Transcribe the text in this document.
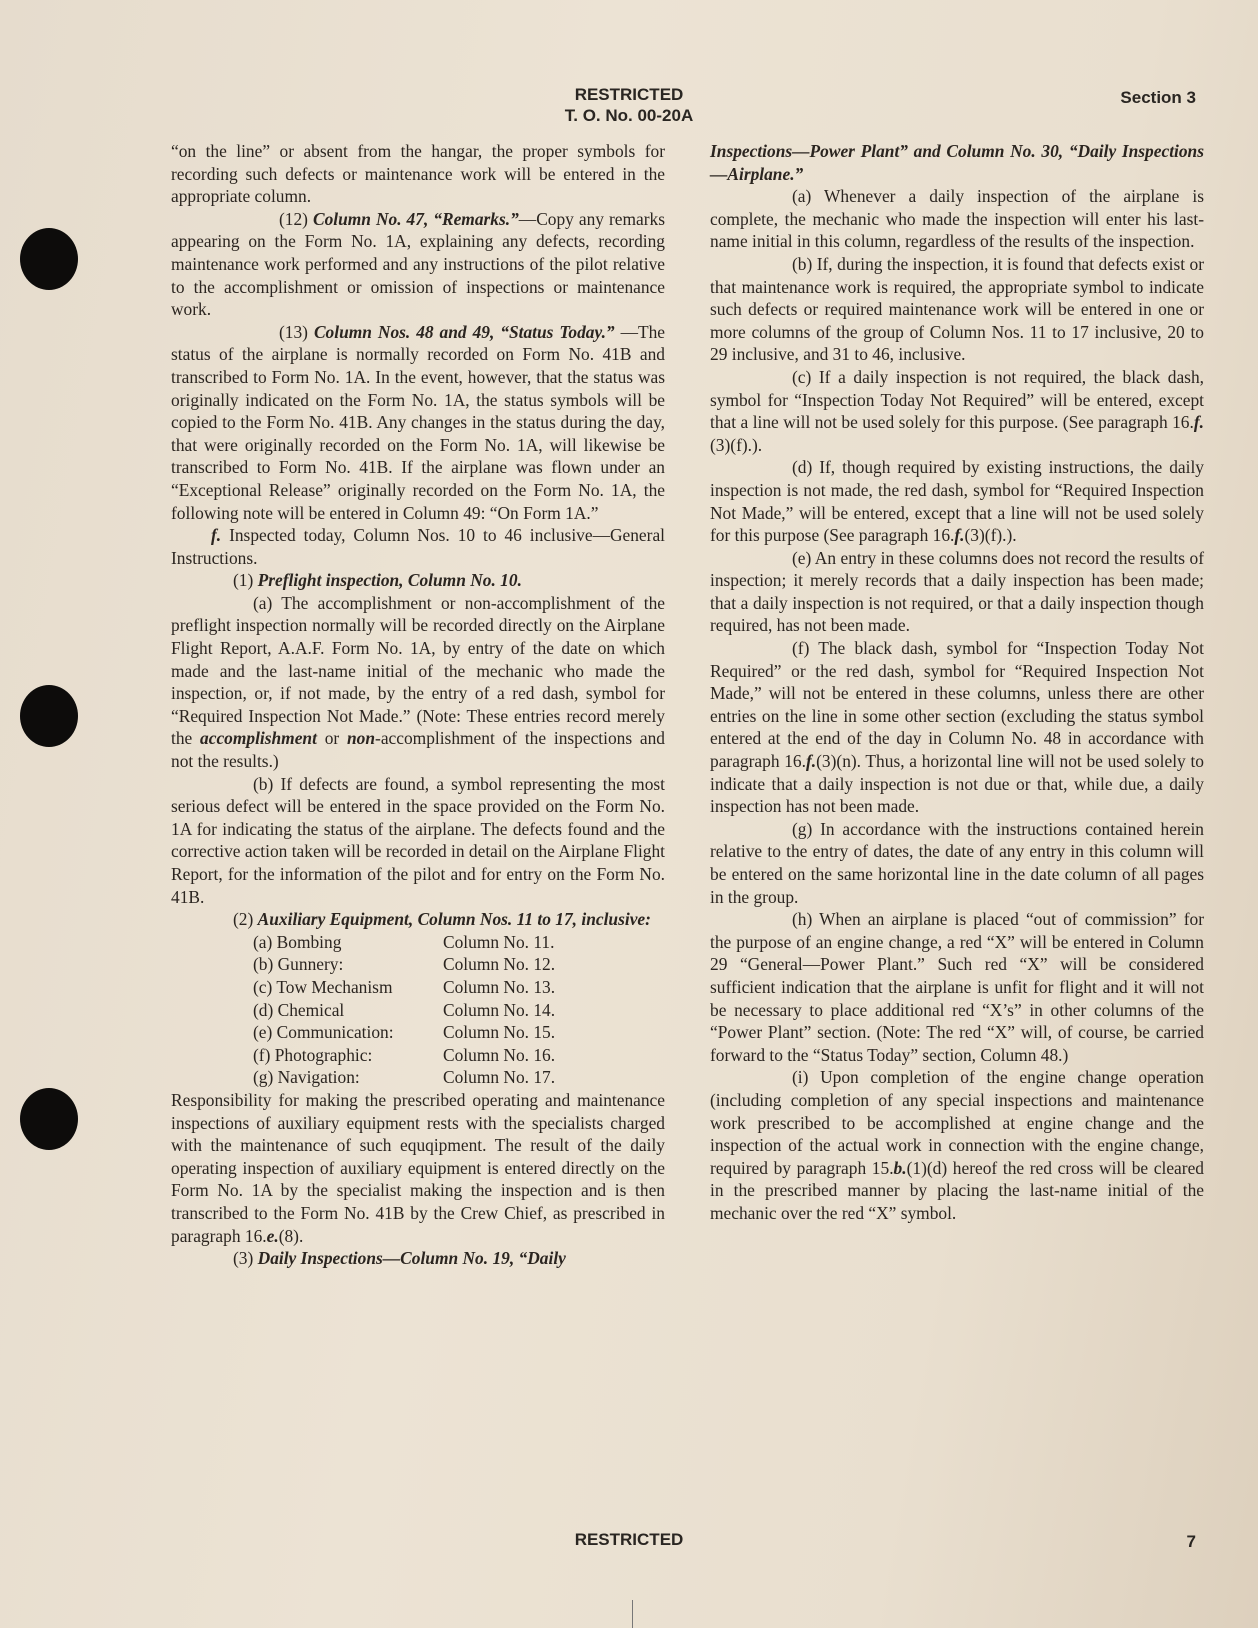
RESTRICTED
T. O. No. 00-20A
Section 3

“on the line” or absent from the hangar, the proper symbols for recording such defects or maintenance work will be entered in the appropriate column.

(12) Column No. 47, “Remarks.”—Copy any remarks appearing on the Form No. 1A, explaining any defects, recording maintenance work performed and any instructions of the pilot relative to the accomplishment or omission of inspections or maintenance work.

(13) Column Nos. 48 and 49, “Status Today.” —The status of the airplane is normally recorded on Form No. 41B and transcribed to Form No. 1A. In the event, however, that the status was originally indicated on the Form No. 1A, the status symbols will be copied to the Form No. 41B. Any changes in the status during the day, that were originally recorded on the Form No. 1A, will likewise be transcribed to Form No. 41B. If the airplane was flown under an “Exceptional Release” originally recorded on the Form No. 1A, the following note will be entered in Column 49: “On Form 1A.”

f. Inspected today, Column Nos. 10 to 46 inclusive—General Instructions.

(1) Preflight inspection, Column No. 10.

(a) The accomplishment or non-accomplishment of the preflight inspection normally will be recorded directly on the Airplane Flight Report, A.A.F. Form No. 1A, by entry of the date on which made and the last-name initial of the mechanic who made the inspection, or, if not made, by the entry of a red dash, symbol for “Required Inspection Not Made.” (Note: These entries record merely the accomplishment or non-accomplishment of the inspections and not the results.)

(b) If defects are found, a symbol representing the most serious defect will be entered in the space provided on the Form No. 1A for indicating the status of the airplane. The defects found and the corrective action taken will be recorded in detail on the Airplane Flight Report, for the information of the pilot and for entry on the Form No. 41B.

(2) Auxiliary Equipment, Column Nos. 11 to 17, inclusive:

(a) Bombing	Column No. 11.
(b) Gunnery:	Column No. 12.
(c) Tow Mechanism	Column No. 13.
(d) Chemical	Column No. 14.
(e) Communication:	Column No. 15.
(f) Photographic:	Column No. 16.
(g) Navigation:	Column No. 17.

Responsibility for making the prescribed operating and maintenance inspections of auxiliary equipment rests with the specialists charged with the maintenance of such equqipment. The result of the daily operating inspection of auxiliary equipment is entered directly on the Form No. 1A by the specialist making the inspection and is then transcribed to the Form No. 41B by the Crew Chief, as prescribed in paragraph 16.e.(8).

(3) Daily Inspections—Column No. 19, “Daily

Inspections—Power Plant” and Column No. 30, “Daily Inspections—Airplane.”

(a) Whenever a daily inspection of the airplane is complete, the mechanic who made the inspection will enter his last-name initial in this column, regardless of the results of the inspection.

(b) If, during the inspection, it is found that defects exist or that maintenance work is required, the appropriate symbol to indicate such defects or required maintenance work will be entered in one or more columns of the group of Column Nos. 11 to 17 inclusive, 20 to 29 inclusive, and 31 to 46, inclusive.

(c) If a daily inspection is not required, the black dash, symbol for “Inspection Today Not Required” will be entered, except that a line will not be used solely for this purpose. (See paragraph 16.f.(3)(f).).

(d) If, though required by existing instructions, the daily inspection is not made, the red dash, symbol for “Required Inspection Not Made,” will be entered, except that a line will not be used solely for this purpose (See paragraph 16.f.(3)(f).).

(e) An entry in these columns does not record the results of inspection; it merely records that a daily inspection has been made; that a daily inspection is not required, or that a daily inspection though required, has not been made.

(f) The black dash, symbol for “Inspection Today Not Required” or the red dash, symbol for “Required Inspection Not Made,” will not be entered in these columns, unless there are other entries on the line in some other section (excluding the status symbol entered at the end of the day in Column No. 48 in accordance with paragraph 16.f.(3)(n). Thus, a horizontal line will not be used solely to indicate that a daily inspection is not due or that, while due, a daily inspection has not been made.

(g) In accordance with the instructions contained herein relative to the entry of dates, the date of any entry in this column will be entered on the same horizontal line in the date column of all pages in the group.

(h) When an airplane is placed “out of commission” for the purpose of an engine change, a red “X” will be entered in Column 29 “General—Power Plant.” Such red “X” will be considered sufficient indication that the airplane is unfit for flight and it will not be necessary to place additional red “X’s” in other columns of the “Power Plant” section. (Note: The red “X” will, of course, be carried forward to the “Status Today” section, Column 48.)

(i) Upon completion of the engine change operation (including completion of any special inspections and maintenance work prescribed to be accomplished at engine change and the inspection of the actual work in connection with the engine change, required by paragraph 15.b.(1)(d) hereof the red cross will be cleared in the prescribed manner by placing the last-name initial of the mechanic over the red “X” symbol.

RESTRICTED	7
